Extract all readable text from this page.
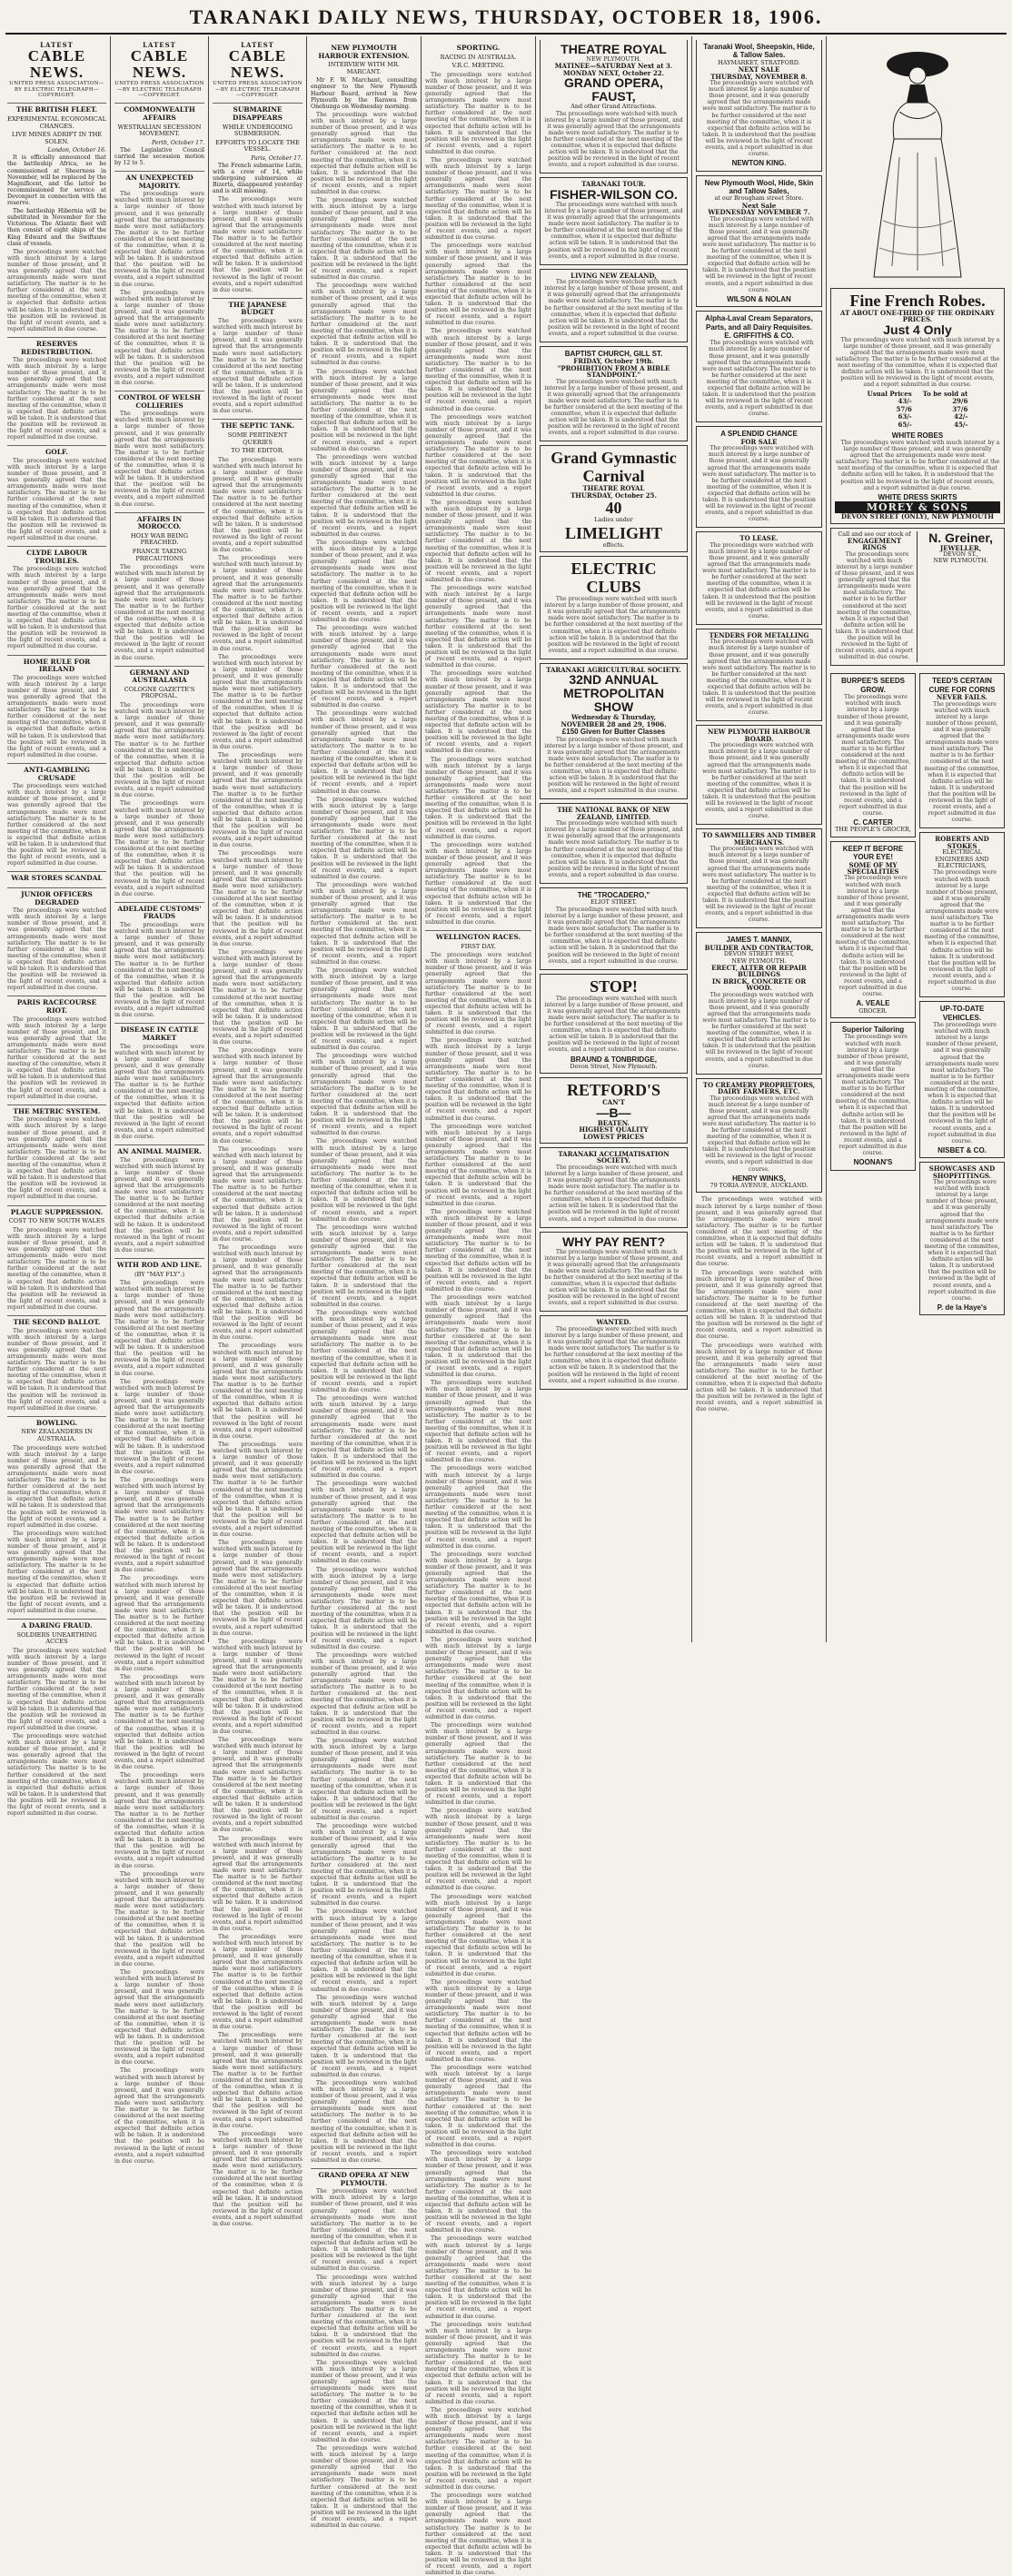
TARANAKI DAILY NEWS, THURSDAY, OCTOBER 18, 1906.
LATEST
CABLE NEWS.
UNITED PRESS ASSOCIATION—BY ELECTRIC TELEGRAPH—COPYRIGHT.
THE BRITISH FLEET.
EXPERIMENTAL ECONOMICAL CHANGES.
LIVE MINES ADRIFT IN THE SOLEN.
London, October 16.

It is officially announced that the battleship Africa, so be commissioned at Sheerness in November, will be replaced by the Magnificent, and the latter be recommissioned for service at Devonport in connection with the reserve.

The battleship Hibernia will be substituted in November for the Victorious. The Atlantic fleet will then consist of eight ships of the King Edward and the Swiftsure class of vessels.

The proceedings were watched with much interest by a large number of those present, and it was generally agreed that the arrangements made were most satisfactory. The matter is to be further considered at the next meeting of the committee, when it is expected that definite action will be taken. It is understood that the position will be reviewed in the light of recent events, and a report submitted in due course.

RESERVES REDISTRIBUTION.

The proceedings were watched with much interest by a large number of those present, and it was generally agreed that the arrangements made were most satisfactory. The matter is to be further considered at the next meeting of the committee, when it is expected that definite action will be taken. It is understood that the position will be reviewed in the light of recent events, and a report submitted in due course.

GOLF.

The proceedings were watched with much interest by a large number of those present, and it was generally agreed that the arrangements made were most satisfactory. The matter is to be further considered at the next meeting of the committee, when it is expected that definite action will be taken. It is understood that the position will be reviewed in the light of recent events, and a report submitted in due course.

CLYDE LABOUR TROUBLES.

The proceedings were watched with much interest by a large number of those present, and it was generally agreed that the arrangements made were most satisfactory. The matter is to be further considered at the next meeting of the committee, when it is expected that definite action will be taken. It is understood that the position will be reviewed in the light of recent events, and a report submitted in due course.

HOME RULE FOR IRELAND

The proceedings were watched with much interest by a large number of those present, and it was generally agreed that the arrangements made were most satisfactory. The matter is to be further considered at the next meeting of the committee, when it is expected that definite action will be taken. It is understood that the position will be reviewed in the light of recent events, and a report submitted in due course.

ANTI-GAMBLING CRUSADE

The proceedings were watched with much interest by a large number of those present, and it was generally agreed that the arrangements made were most satisfactory. The matter is to be further considered at the next meeting of the committee, when it is expected that definite action will be taken. It is understood that the position will be reviewed in the light of recent events, and a report submitted in due course.

WAR STORES SCANDAL
JUNIOR OFFICERS DEGRADED

The proceedings were watched with much interest by a large number of those present, and it was generally agreed that the arrangements made were most satisfactory. The matter is to be further considered at the next meeting of the committee, when it is expected that definite action will be taken. It is understood that the position will be reviewed in the light of recent events, and a report submitted in due course.

PARIS RACECOURSE RIOT.

The proceedings were watched with much interest by a large number of those present, and it was generally agreed that the arrangements made were most satisfactory. The matter is to be further considered at the next meeting of the committee, when it is expected that definite action will be taken. It is understood that the position will be reviewed in the light of recent events, and a report submitted in due course.

THE METRIC SYSTEM.

The proceedings were watched with much interest by a large number of those present, and it was generally agreed that the arrangements made were most satisfactory. The matter is to be further considered at the next meeting of the committee, when it is expected that definite action will be taken. It is understood that the position will be reviewed in the light of recent events, and a report submitted in due course.

PLAGUE SUPPRESSION.
COST TO NEW SOUTH WALES

The proceedings were watched with much interest by a large number of those present, and it was generally agreed that the arrangements made were most satisfactory. The matter is to be further considered at the next meeting of the committee, when it is expected that definite action will be taken. It is understood that the position will be reviewed in the light of recent events, and a report submitted in due course.

THE SECOND BALLOT.

The proceedings were watched with much interest by a large number of those present, and it was generally agreed that the arrangements made were most satisfactory. The matter is to be further considered at the next meeting of the committee, when it is expected that definite action will be taken. It is understood that the position will be reviewed in the light of recent events, and a report submitted in due course.

BOWLING.
NEW ZEALANDERS IN AUSTRALIA.

The proceedings were watched with much interest by a large number of those present, and it was generally agreed that the arrangements made were most satisfactory. The matter is to be further considered at the next meeting of the committee, when it is expected that definite action will be taken. It is understood that the position will be reviewed in the light of recent events, and a report submitted in due course.

The proceedings were watched with much interest by a large number of those present, and it was generally agreed that the arrangements made were most satisfactory. The matter is to be further considered at the next meeting of the committee, when it is expected that definite action will be taken. It is understood that the position will be reviewed in the light of recent events, and a report submitted in due course.

A DARING FRAUD.
SOLDIERS UNEARTHING ACCES

The proceedings were watched with much interest by a large number of those present, and it was generally agreed that the arrangements made were most satisfactory. The matter is to be further considered at the next meeting of the committee, when it is expected that definite action will be taken. It is understood that the position will be reviewed in the light of recent events, and a report submitted in due course.

The proceedings were watched with much interest by a large number of those present, and it was generally agreed that the arrangements made were most satisfactory. The matter is to be further considered at the next meeting of the committee, when it is expected that definite action will be taken. It is understood that the position will be reviewed in the light of recent events, and a report submitted in due course.

LATEST
CABLE NEWS.
UNITED PRESS ASSOCIATION—BY ELECTRIC TELEGRAPH—COPYRIGHT.
COMMONWEALTH AFFAIRS
WESTRALIAN SECESSION MOVEMENT.
Perth, October 17.

The Legislative Council carried the secession motion by 12 to 5.

AN UNEXPECTED MAJORITY.

The proceedings were watched with much interest by a large number of those present, and it was generally agreed that the arrangements made were most satisfactory. The matter is to be further considered at the next meeting of the committee, when it is expected that definite action will be taken. It is understood that the position will be reviewed in the light of recent events, and a report submitted in due course.

The proceedings were watched with much interest by a large number of those present, and it was generally agreed that the arrangements made were most satisfactory. The matter is to be further considered at the next meeting of the committee, when it is expected that definite action will be taken. It is understood that the position will be reviewed in the light of recent events, and a report submitted in due course.

CONTROL OF WELSH COLLIERIES

The proceedings were watched with much interest by a large number of those present, and it was generally agreed that the arrangements made were most satisfactory. The matter is to be further considered at the next meeting of the committee, when it is expected that definite action will be taken. It is understood that the position will be reviewed in the light of recent events, and a report submitted in due course.

AFFAIRS IN MOROCCO.
HOLY WAR BEING PREACHED.
FRANCE TAKING PRECAUTIONS

The proceedings were watched with much interest by a large number of those present, and it was generally agreed that the arrangements made were most satisfactory. The matter is to be further considered at the next meeting of the committee, when it is expected that definite action will be taken. It is understood that the position will be reviewed in the light of recent events, and a report submitted in due course.

GERMANY AND AUSTRALASIA
COLOGNE GAZETTE'S PROPOSAL.

The proceedings were watched with much interest by a large number of those present, and it was generally agreed that the arrangements made were most satisfactory. The matter is to be further considered at the next meeting of the committee, when it is expected that definite action will be taken. It is understood that the position will be reviewed in the light of recent events, and a report submitted in due course.

The proceedings were watched with much interest by a large number of those present, and it was generally agreed that the arrangements made were most satisfactory. The matter is to be further considered at the next meeting of the committee, when it is expected that definite action will be taken. It is understood that the position will be reviewed in the light of recent events, and a report submitted in due course.

ADELAIDE CUSTOMS' FRAUDS

The proceedings were watched with much interest by a large number of those present, and it was generally agreed that the arrangements made were most satisfactory. The matter is to be further considered at the next meeting of the committee, when it is expected that definite action will be taken. It is understood that the position will be reviewed in the light of recent events, and a report submitted in due course.

DISEASE IN CATTLE MARKET

The proceedings were watched with much interest by a large number of those present, and it was generally agreed that the arrangements made were most satisfactory. The matter is to be further considered at the next meeting of the committee, when it is expected that definite action will be taken. It is understood that the position will be reviewed in the light of recent events, and a report submitted in due course.

AN ANIMAL MAIMER.

The proceedings were watched with much interest by a large number of those present, and it was generally agreed that the arrangements made were most satisfactory. The matter is to be further considered at the next meeting of the committee, when it is expected that definite action will be taken. It is understood that the position will be reviewed in the light of recent events, and a report submitted in due course.

WITH ROD AND LINE.
(BY "MAY FLY".)

The proceedings were watched with much interest by a large number of those present, and it was generally agreed that the arrangements made were most satisfactory. The matter is to be further considered at the next meeting of the committee, when it is expected that definite action will be taken. It is understood that the position will be reviewed in the light of recent events, and a report submitted in due course.

The proceedings were watched with much interest by a large number of those present, and it was generally agreed that the arrangements made were most satisfactory. The matter is to be further considered at the next meeting of the committee, when it is expected that definite action will be taken. It is understood that the position will be reviewed in the light of recent events, and a report submitted in due course.

The proceedings were watched with much interest by a large number of those present, and it was generally agreed that the arrangements made were most satisfactory. The matter is to be further considered at the next meeting of the committee, when it is expected that definite action will be taken. It is understood that the position will be reviewed in the light of recent events, and a report submitted in due course.

The proceedings were watched with much interest by a large number of those present, and it was generally agreed that the arrangements made were most satisfactory. The matter is to be further considered at the next meeting of the committee, when it is expected that definite action will be taken. It is understood that the position will be reviewed in the light of recent events, and a report submitted in due course.

The proceedings were watched with much interest by a large number of those present, and it was generally agreed that the arrangements made were most satisfactory. The matter is to be further considered at the next meeting of the committee, when it is expected that definite action will be taken. It is understood that the position will be reviewed in the light of recent events, and a report submitted in due course.

The proceedings were watched with much interest by a large number of those present, and it was generally agreed that the arrangements made were most satisfactory. The matter is to be further considered at the next meeting of the committee, when it is expected that definite action will be taken. It is understood that the position will be reviewed in the light of recent events, and a report submitted in due course.

The proceedings were watched with much interest by a large number of those present, and it was generally agreed that the arrangements made were most satisfactory. The matter is to be further considered at the next meeting of the committee, when it is expected that definite action will be taken. It is understood that the position will be reviewed in the light of recent events, and a report submitted in due course.

The proceedings were watched with much interest by a large number of those present, and it was generally agreed that the arrangements made were most satisfactory. The matter is to be further considered at the next meeting of the committee, when it is expected that definite action will be taken. It is understood that the position will be reviewed in the light of recent events, and a report submitted in due course.

The proceedings were watched with much interest by a large number of those present, and it was generally agreed that the arrangements made were most satisfactory. The matter is to be further considered at the next meeting of the committee, when it is expected that definite action will be taken. It is understood that the position will be reviewed in the light of recent events, and a report submitted in due course.

LATEST
CABLE NEWS.
UNITED PRESS ASSOCIATION—BY ELECTRIC TELEGRAPH—COPYRIGHT.
SUBMARINE DISAPPEARS
WHILE UNDERGOING SUBMERSION.
EFFORTS TO LOCATE THE VESSEL.
Paris, October 17.

The French submarine Lutin, with a crew of 14, while undergoing submersion at Bizerta, disappeared yesterday and is still missing.

The proceedings were watched with much interest by a large number of those present, and it was generally agreed that the arrangements made were most satisfactory. The matter is to be further considered at the next meeting of the committee, when it is expected that definite action will be taken. It is understood that the position will be reviewed in the light of recent events, and a report submitted in due course.

THE JAPANESE BUDGET

The proceedings were watched with much interest by a large number of those present, and it was generally agreed that the arrangements made were most satisfactory. The matter is to be further considered at the next meeting of the committee, when it is expected that definite action will be taken. It is understood that the position will be reviewed in the light of recent events, and a report submitted in due course.

THE SEPTIC TANK.
SOME PERTINENT QUERIES
TO THE EDITOR.

The proceedings were watched with much interest by a large number of those present, and it was generally agreed that the arrangements made were most satisfactory. The matter is to be further considered at the next meeting of the committee, when it is expected that definite action will be taken. It is understood that the position will be reviewed in the light of recent events, and a report submitted in due course.

The proceedings were watched with much interest by a large number of those present, and it was generally agreed that the arrangements made were most satisfactory. The matter is to be further considered at the next meeting of the committee, when it is expected that definite action will be taken. It is understood that the position will be reviewed in the light of recent events, and a report submitted in due course.

The proceedings were watched with much interest by a large number of those present, and it was generally agreed that the arrangements made were most satisfactory. The matter is to be further considered at the next meeting of the committee, when it is expected that definite action will be taken. It is understood that the position will be reviewed in the light of recent events, and a report submitted in due course.

The proceedings were watched with much interest by a large number of those present, and it was generally agreed that the arrangements made were most satisfactory. The matter is to be further considered at the next meeting of the committee, when it is expected that definite action will be taken. It is understood that the position will be reviewed in the light of recent events, and a report submitted in due course.

The proceedings were watched with much interest by a large number of those present, and it was generally agreed that the arrangements made were most satisfactory. The matter is to be further considered at the next meeting of the committee, when it is expected that definite action will be taken. It is understood that the position will be reviewed in the light of recent events, and a report submitted in due course.

The proceedings were watched with much interest by a large number of those present, and it was generally agreed that the arrangements made were most satisfactory. The matter is to be further considered at the next meeting of the committee, when it is expected that definite action will be taken. It is understood that the position will be reviewed in the light of recent events, and a report submitted in due course.

The proceedings were watched with much interest by a large number of those present, and it was generally agreed that the arrangements made were most satisfactory. The matter is to be further considered at the next meeting of the committee, when it is expected that definite action will be taken. It is understood that the position will be reviewed in the light of recent events, and a report submitted in due course.

The proceedings were watched with much interest by a large number of those present, and it was generally agreed that the arrangements made were most satisfactory. The matter is to be further considered at the next meeting of the committee, when it is expected that definite action will be taken. It is understood that the position will be reviewed in the light of recent events, and a report submitted in due course.

The proceedings were watched with much interest by a large number of those present, and it was generally agreed that the arrangements made were most satisfactory. The matter is to be further considered at the next meeting of the committee, when it is expected that definite action will be taken. It is understood that the position will be reviewed in the light of recent events, and a report submitted in due course.

The proceedings were watched with much interest by a large number of those present, and it was generally agreed that the arrangements made were most satisfactory. The matter is to be further considered at the next meeting of the committee, when it is expected that definite action will be taken. It is understood that the position will be reviewed in the light of recent events, and a report submitted in due course.

The proceedings were watched with much interest by a large number of those present, and it was generally agreed that the arrangements made were most satisfactory. The matter is to be further considered at the next meeting of the committee, when it is expected that definite action will be taken. It is understood that the position will be reviewed in the light of recent events, and a report submitted in due course.

The proceedings were watched with much interest by a large number of those present, and it was generally agreed that the arrangements made were most satisfactory. The matter is to be further considered at the next meeting of the committee, when it is expected that definite action will be taken. It is understood that the position will be reviewed in the light of recent events, and a report submitted in due course.

The proceedings were watched with much interest by a large number of those present, and it was generally agreed that the arrangements made were most satisfactory. The matter is to be further considered at the next meeting of the committee, when it is expected that definite action will be taken. It is understood that the position will be reviewed in the light of recent events, and a report submitted in due course.

The proceedings were watched with much interest by a large number of those present, and it was generally agreed that the arrangements made were most satisfactory. The matter is to be further considered at the next meeting of the committee, when it is expected that definite action will be taken. It is understood that the position will be reviewed in the light of recent events, and a report submitted in due course.

The proceedings were watched with much interest by a large number of those present, and it was generally agreed that the arrangements made were most satisfactory. The matter is to be further considered at the next meeting of the committee, when it is expected that definite action will be taken. It is understood that the position will be reviewed in the light of recent events, and a report submitted in due course.

The proceedings were watched with much interest by a large number of those present, and it was generally agreed that the arrangements made were most satisfactory. The matter is to be further considered at the next meeting of the committee, when it is expected that definite action will be taken. It is understood that the position will be reviewed in the light of recent events, and a report submitted in due course.

The proceedings were watched with much interest by a large number of those present, and it was generally agreed that the arrangements made were most satisfactory. The matter is to be further considered at the next meeting of the committee, when it is expected that definite action will be taken. It is understood that the position will be reviewed in the light of recent events, and a report submitted in due course.

The proceedings were watched with much interest by a large number of those present, and it was generally agreed that the arrangements made were most satisfactory. The matter is to be further considered at the next meeting of the committee, when it is expected that definite action will be taken. It is understood that the position will be reviewed in the light of recent events, and a report submitted in due course.

NEW PLYMOUTH HARBOUR EXTENSION.
INTERVIEW WITH MR. MARCANT.

Mr F. W. Marchant, consulting engineer to the New Plymouth Harbour Board, arrived in New Plymouth by the Rarawa from Onehunga on Wednesday morning.

The proceedings were watched with much interest by a large number of those present, and it was generally agreed that the arrangements made were most satisfactory. The matter is to be further considered at the next meeting of the committee, when it is expected that definite action will be taken. It is understood that the position will be reviewed in the light of recent events, and a report submitted in due course.

The proceedings were watched with much interest by a large number of those present, and it was generally agreed that the arrangements made were most satisfactory. The matter is to be further considered at the next meeting of the committee, when it is expected that definite action will be taken. It is understood that the position will be reviewed in the light of recent events, and a report submitted in due course.

The proceedings were watched with much interest by a large number of those present, and it was generally agreed that the arrangements made were most satisfactory. The matter is to be further considered at the next meeting of the committee, when it is expected that definite action will be taken. It is understood that the position will be reviewed in the light of recent events, and a report submitted in due course.

The proceedings were watched with much interest by a large number of those present, and it was generally agreed that the arrangements made were most satisfactory. The matter is to be further considered at the next meeting of the committee, when it is expected that definite action will be taken. It is understood that the position will be reviewed in the light of recent events, and a report submitted in due course.

The proceedings were watched with much interest by a large number of those present, and it was generally agreed that the arrangements made were most satisfactory. The matter is to be further considered at the next meeting of the committee, when it is expected that definite action will be taken. It is understood that the position will be reviewed in the light of recent events, and a report submitted in due course.

The proceedings were watched with much interest by a large number of those present, and it was generally agreed that the arrangements made were most satisfactory. The matter is to be further considered at the next meeting of the committee, when it is expected that definite action will be taken. It is understood that the position will be reviewed in the light of recent events, and a report submitted in due course.

The proceedings were watched with much interest by a large number of those present, and it was generally agreed that the arrangements made were most satisfactory. The matter is to be further considered at the next meeting of the committee, when it is expected that definite action will be taken. It is understood that the position will be reviewed in the light of recent events, and a report submitted in due course.

The proceedings were watched with much interest by a large number of those present, and it was generally agreed that the arrangements made were most satisfactory. The matter is to be further considered at the next meeting of the committee, when it is expected that definite action will be taken. It is understood that the position will be reviewed in the light of recent events, and a report submitted in due course.

The proceedings were watched with much interest by a large number of those present, and it was generally agreed that the arrangements made were most satisfactory. The matter is to be further considered at the next meeting of the committee, when it is expected that definite action will be taken. It is understood that the position will be reviewed in the light of recent events, and a report submitted in due course.

The proceedings were watched with much interest by a large number of those present, and it was generally agreed that the arrangements made were most satisfactory. The matter is to be further considered at the next meeting of the committee, when it is expected that definite action will be taken. It is understood that the position will be reviewed in the light of recent events, and a report submitted in due course.

The proceedings were watched with much interest by a large number of those present, and it was generally agreed that the arrangements made were most satisfactory. The matter is to be further considered at the next meeting of the committee, when it is expected that definite action will be taken. It is understood that the position will be reviewed in the light of recent events, and a report submitted in due course.

The proceedings were watched with much interest by a large number of those present, and it was generally agreed that the arrangements made were most satisfactory. The matter is to be further considered at the next meeting of the committee, when it is expected that definite action will be taken. It is understood that the position will be reviewed in the light of recent events, and a report submitted in due course.

The proceedings were watched with much interest by a large number of those present, and it was generally agreed that the arrangements made were most satisfactory. The matter is to be further considered at the next meeting of the committee, when it is expected that definite action will be taken. It is understood that the position will be reviewed in the light of recent events, and a report submitted in due course.

The proceedings were watched with much interest by a large number of those present, and it was generally agreed that the arrangements made were most satisfactory. The matter is to be further considered at the next meeting of the committee, when it is expected that definite action will be taken. It is understood that the position will be reviewed in the light of recent events, and a report submitted in due course.

The proceedings were watched with much interest by a large number of those present, and it was generally agreed that the arrangements made were most satisfactory. The matter is to be further considered at the next meeting of the committee, when it is expected that definite action will be taken. It is understood that the position will be reviewed in the light of recent events, and a report submitted in due course.

The proceedings were watched with much interest by a large number of those present, and it was generally agreed that the arrangements made were most satisfactory. The matter is to be further considered at the next meeting of the committee, when it is expected that definite action will be taken. It is understood that the position will be reviewed in the light of recent events, and a report submitted in due course.

The proceedings were watched with much interest by a large number of those present, and it was generally agreed that the arrangements made were most satisfactory. The matter is to be further considered at the next meeting of the committee, when it is expected that definite action will be taken. It is understood that the position will be reviewed in the light of recent events, and a report submitted in due course.

The proceedings were watched with much interest by a large number of those present, and it was generally agreed that the arrangements made were most satisfactory. The matter is to be further considered at the next meeting of the committee, when it is expected that definite action will be taken. It is understood that the position will be reviewed in the light of recent events, and a report submitted in due course.

The proceedings were watched with much interest by a large number of those present, and it was generally agreed that the arrangements made were most satisfactory. The matter is to be further considered at the next meeting of the committee, when it is expected that definite action will be taken. It is understood that the position will be reviewed in the light of recent events, and a report submitted in due course.

The proceedings were watched with much interest by a large number of those present, and it was generally agreed that the arrangements made were most satisfactory. The matter is to be further considered at the next meeting of the committee, when it is expected that definite action will be taken. It is understood that the position will be reviewed in the light of recent events, and a report submitted in due course.

The proceedings were watched with much interest by a large number of those present, and it was generally agreed that the arrangements made were most satisfactory. The matter is to be further considered at the next meeting of the committee, when it is expected that definite action will be taken. It is understood that the position will be reviewed in the light of recent events, and a report submitted in due course.

The proceedings were watched with much interest by a large number of those present, and it was generally agreed that the arrangements made were most satisfactory. The matter is to be further considered at the next meeting of the committee, when it is expected that definite action will be taken. It is understood that the position will be reviewed in the light of recent events, and a report submitted in due course.

The proceedings were watched with much interest by a large number of those present, and it was generally agreed that the arrangements made were most satisfactory. The matter is to be further considered at the next meeting of the committee, when it is expected that definite action will be taken. It is understood that the position will be reviewed in the light of recent events, and a report submitted in due course.

The proceedings were watched with much interest by a large number of those present, and it was generally agreed that the arrangements made were most satisfactory. The matter is to be further considered at the next meeting of the committee, when it is expected that definite action will be taken. It is understood that the position will be reviewed in the light of recent events, and a report submitted in due course.

GRAND OPERA AT NEW PLYMOUTH.

The proceedings were watched with much interest by a large number of those present, and it was generally agreed that the arrangements made were most satisfactory. The matter is to be further considered at the next meeting of the committee, when it is expected that definite action will be taken. It is understood that the position will be reviewed in the light of recent events, and a report submitted in due course.

The proceedings were watched with much interest by a large number of those present, and it was generally agreed that the arrangements made were most satisfactory. The matter is to be further considered at the next meeting of the committee, when it is expected that definite action will be taken. It is understood that the position will be reviewed in the light of recent events, and a report submitted in due course.

The proceedings were watched with much interest by a large number of those present, and it was generally agreed that the arrangements made were most satisfactory. The matter is to be further considered at the next meeting of the committee, when it is expected that definite action will be taken. It is understood that the position will be reviewed in the light of recent events, and a report submitted in due course.

The proceedings were watched with much interest by a large number of those present, and it was generally agreed that the arrangements made were most satisfactory. The matter is to be further considered at the next meeting of the committee, when it is expected that definite action will be taken. It is understood that the position will be reviewed in the light of recent events, and a report submitted in due course.

SPORTING.
RACING IN AUSTRALIA.
V.R.C. MEETING.

The proceedings were watched with much interest by a large number of those present, and it was generally agreed that the arrangements made were most satisfactory. The matter is to be further considered at the next meeting of the committee, when it is expected that definite action will be taken. It is understood that the position will be reviewed in the light of recent events, and a report submitted in due course.

The proceedings were watched with much interest by a large number of those present, and it was generally agreed that the arrangements made were most satisfactory. The matter is to be further considered at the next meeting of the committee, when it is expected that definite action will be taken. It is understood that the position will be reviewed in the light of recent events, and a report submitted in due course.

The proceedings were watched with much interest by a large number of those present, and it was generally agreed that the arrangements made were most satisfactory. The matter is to be further considered at the next meeting of the committee, when it is expected that definite action will be taken. It is understood that the position will be reviewed in the light of recent events, and a report submitted in due course.

The proceedings were watched with much interest by a large number of those present, and it was generally agreed that the arrangements made were most satisfactory. The matter is to be further considered at the next meeting of the committee, when it is expected that definite action will be taken. It is understood that the position will be reviewed in the light of recent events, and a report submitted in due course.

The proceedings were watched with much interest by a large number of those present, and it was generally agreed that the arrangements made were most satisfactory. The matter is to be further considered at the next meeting of the committee, when it is expected that definite action will be taken. It is understood that the position will be reviewed in the light of recent events, and a report submitted in due course.

The proceedings were watched with much interest by a large number of those present, and it was generally agreed that the arrangements made were most satisfactory. The matter is to be further considered at the next meeting of the committee, when it is expected that definite action will be taken. It is understood that the position will be reviewed in the light of recent events, and a report submitted in due course.

The proceedings were watched with much interest by a large number of those present, and it was generally agreed that the arrangements made were most satisfactory. The matter is to be further considered at the next meeting of the committee, when it is expected that definite action will be taken. It is understood that the position will be reviewed in the light of recent events, and a report submitted in due course.

The proceedings were watched with much interest by a large number of those present, and it was generally agreed that the arrangements made were most satisfactory. The matter is to be further considered at the next meeting of the committee, when it is expected that definite action will be taken. It is understood that the position will be reviewed in the light of recent events, and a report submitted in due course.

The proceedings were watched with much interest by a large number of those present, and it was generally agreed that the arrangements made were most satisfactory. The matter is to be further considered at the next meeting of the committee, when it is expected that definite action will be taken. It is understood that the position will be reviewed in the light of recent events, and a report submitted in due course.

The proceedings were watched with much interest by a large number of those present, and it was generally agreed that the arrangements made were most satisfactory. The matter is to be further considered at the next meeting of the committee, when it is expected that definite action will be taken. It is understood that the position will be reviewed in the light of recent events, and a report submitted in due course.

WELLINGTON RACES.
FIRST DAY.

The proceedings were watched with much interest by a large number of those present, and it was generally agreed that the arrangements made were most satisfactory. The matter is to be further considered at the next meeting of the committee, when it is expected that definite action will be taken. It is understood that the position will be reviewed in the light of recent events, and a report submitted in due course.

The proceedings were watched with much interest by a large number of those present, and it was generally agreed that the arrangements made were most satisfactory. The matter is to be further considered at the next meeting of the committee, when it is expected that definite action will be taken. It is understood that the position will be reviewed in the light of recent events, and a report submitted in due course.

The proceedings were watched with much interest by a large number of those present, and it was generally agreed that the arrangements made were most satisfactory. The matter is to be further considered at the next meeting of the committee, when it is expected that definite action will be taken. It is understood that the position will be reviewed in the light of recent events, and a report submitted in due course.

The proceedings were watched with much interest by a large number of those present, and it was generally agreed that the arrangements made were most satisfactory. The matter is to be further considered at the next meeting of the committee, when it is expected that definite action will be taken. It is understood that the position will be reviewed in the light of recent events, and a report submitted in due course.

The proceedings were watched with much interest by a large number of those present, and it was generally agreed that the arrangements made were most satisfactory. The matter is to be further considered at the next meeting of the committee, when it is expected that definite action will be taken. It is understood that the position will be reviewed in the light of recent events, and a report submitted in due course.

The proceedings were watched with much interest by a large number of those present, and it was generally agreed that the arrangements made were most satisfactory. The matter is to be further considered at the next meeting of the committee, when it is expected that definite action will be taken. It is understood that the position will be reviewed in the light of recent events, and a report submitted in due course.

The proceedings were watched with much interest by a large number of those present, and it was generally agreed that the arrangements made were most satisfactory. The matter is to be further considered at the next meeting of the committee, when it is expected that definite action will be taken. It is understood that the position will be reviewed in the light of recent events, and a report submitted in due course.

The proceedings were watched with much interest by a large number of those present, and it was generally agreed that the arrangements made were most satisfactory. The matter is to be further considered at the next meeting of the committee, when it is expected that definite action will be taken. It is understood that the position will be reviewed in the light of recent events, and a report submitted in due course.

The proceedings were watched with much interest by a large number of those present, and it was generally agreed that the arrangements made were most satisfactory. The matter is to be further considered at the next meeting of the committee, when it is expected that definite action will be taken. It is understood that the position will be reviewed in the light of recent events, and a report submitted in due course.

The proceedings were watched with much interest by a large number of those present, and it was generally agreed that the arrangements made were most satisfactory. The matter is to be further considered at the next meeting of the committee, when it is expected that definite action will be taken. It is understood that the position will be reviewed in the light of recent events, and a report submitted in due course.

The proceedings were watched with much interest by a large number of those present, and it was generally agreed that the arrangements made were most satisfactory. The matter is to be further considered at the next meeting of the committee, when it is expected that definite action will be taken. It is understood that the position will be reviewed in the light of recent events, and a report submitted in due course.

The proceedings were watched with much interest by a large number of those present, and it was generally agreed that the arrangements made were most satisfactory. The matter is to be further considered at the next meeting of the committee, when it is expected that definite action will be taken. It is understood that the position will be reviewed in the light of recent events, and a report submitted in due course.

The proceedings were watched with much interest by a large number of those present, and it was generally agreed that the arrangements made were most satisfactory. The matter is to be further considered at the next meeting of the committee, when it is expected that definite action will be taken. It is understood that the position will be reviewed in the light of recent events, and a report submitted in due course.

The proceedings were watched with much interest by a large number of those present, and it was generally agreed that the arrangements made were most satisfactory. The matter is to be further considered at the next meeting of the committee, when it is expected that definite action will be taken. It is understood that the position will be reviewed in the light of recent events, and a report submitted in due course.

The proceedings were watched with much interest by a large number of those present, and it was generally agreed that the arrangements made were most satisfactory. The matter is to be further considered at the next meeting of the committee, when it is expected that definite action will be taken. It is understood that the position will be reviewed in the light of recent events, and a report submitted in due course.

The proceedings were watched with much interest by a large number of those present, and it was generally agreed that the arrangements made were most satisfactory. The matter is to be further considered at the next meeting of the committee, when it is expected that definite action will be taken. It is understood that the position will be reviewed in the light of recent events, and a report submitted in due course.

The proceedings were watched with much interest by a large number of those present, and it was generally agreed that the arrangements made were most satisfactory. The matter is to be further considered at the next meeting of the committee, when it is expected that definite action will be taken. It is understood that the position will be reviewed in the light of recent events, and a report submitted in due course.

The proceedings were watched with much interest by a large number of those present, and it was generally agreed that the arrangements made were most satisfactory. The matter is to be further considered at the next meeting of the committee, when it is expected that definite action will be taken. It is understood that the position will be reviewed in the light of recent events, and a report submitted in due course.

The proceedings were watched with much interest by a large number of those present, and it was generally agreed that the arrangements made were most satisfactory. The matter is to be further considered at the next meeting of the committee, when it is expected that definite action will be taken. It is understood that the position will be reviewed in the light of recent events, and a report submitted in due course.

THEATRE ROYAL
NEW PLYMOUTH.
MATINEE—SATURDAY Next at 3.
MONDAY NEXT, October 22.
GRAND OPERA, FAUST,
And other Grand Attractions.

The proceedings were watched with much interest by a large number of those present, and it was generally agreed that the arrangements made were most satisfactory. The matter is to be further considered at the next meeting of the committee, when it is expected that definite action will be taken. It is understood that the position will be reviewed in the light of recent events, and a report submitted in due course.

TARANAKI TOUR.
FISHER-WILSON CO.

The proceedings were watched with much interest by a large number of those present, and it was generally agreed that the arrangements made were most satisfactory. The matter is to be further considered at the next meeting of the committee, when it is expected that definite action will be taken. It is understood that the position will be reviewed in the light of recent events, and a report submitted in due course.

LIVING NEW ZEALAND,

The proceedings were watched with much interest by a large number of those present, and it was generally agreed that the arrangements made were most satisfactory. The matter is to be further considered at the next meeting of the committee, when it is expected that definite action will be taken. It is understood that the position will be reviewed in the light of recent events, and a report submitted in due course.

BAPTIST CHURCH, GILL ST.
FRIDAY, October 19th.
"PROHIBITION FROM A BIBLE STANDPOINT."

The proceedings were watched with much interest by a large number of those present, and it was generally agreed that the arrangements made were most satisfactory. The matter is to be further considered at the next meeting of the committee, when it is expected that definite action will be taken. It is understood that the position will be reviewed in the light of recent events, and a report submitted in due course.

Grand Gymnastic Carnival
THEATRE ROYAL
THURSDAY, October 25.
40
Ladies under
LIMELIGHT
effects.
ELECTRIC CLUBS

The proceedings were watched with much interest by a large number of those present, and it was generally agreed that the arrangements made were most satisfactory. The matter is to be further considered at the next meeting of the committee, when it is expected that definite action will be taken. It is understood that the position will be reviewed in the light of recent events, and a report submitted in due course.

TARANAKI AGRICULTURAL SOCIETY.
32ND ANNUAL METROPOLITAN SHOW
Wednesday & Thursday,
NOVEMBER 28 and 29, 1906.
£150 Given for Butter Classes

The proceedings were watched with much interest by a large number of those present, and it was generally agreed that the arrangements made were most satisfactory. The matter is to be further considered at the next meeting of the committee, when it is expected that definite action will be taken. It is understood that the position will be reviewed in the light of recent events, and a report submitted in due course.

THE NATIONAL BANK OF NEW ZEALAND, LIMITED.

The proceedings were watched with much interest by a large number of those present, and it was generally agreed that the arrangements made were most satisfactory. The matter is to be further considered at the next meeting of the committee, when it is expected that definite action will be taken. It is understood that the position will be reviewed in the light of recent events, and a report submitted in due course.

THE "TROCADERO,"
ELIOT STREET.

The proceedings were watched with much interest by a large number of those present, and it was generally agreed that the arrangements made were most satisfactory. The matter is to be further considered at the next meeting of the committee, when it is expected that definite action will be taken. It is understood that the position will be reviewed in the light of recent events, and a report submitted in due course.

STOP!

The proceedings were watched with much interest by a large number of those present, and it was generally agreed that the arrangements made were most satisfactory. The matter is to be further considered at the next meeting of the committee, when it is expected that definite action will be taken. It is understood that the position will be reviewed in the light of recent events, and a report submitted in due course.

BRAUND & TONBRIDGE,
Devon Street, New Plymouth.
RETFORD'S
CAN'T
—B—
BEATEN.
HIGHEST QUALITY
LOWEST PRICES
TARANAKI ACCLIMATISATION SOCIETY.

The proceedings were watched with much interest by a large number of those present, and it was generally agreed that the arrangements made were most satisfactory. The matter is to be further considered at the next meeting of the committee, when it is expected that definite action will be taken. It is understood that the position will be reviewed in the light of recent events, and a report submitted in due course.

WHY PAY RENT?

The proceedings were watched with much interest by a large number of those present, and it was generally agreed that the arrangements made were most satisfactory. The matter is to be further considered at the next meeting of the committee, when it is expected that definite action will be taken. It is understood that the position will be reviewed in the light of recent events, and a report submitted in due course.

WANTED.

The proceedings were watched with much interest by a large number of those present, and it was generally agreed that the arrangements made were most satisfactory. The matter is to be further considered at the next meeting of the committee, when it is expected that definite action will be taken. It is understood that the position will be reviewed in the light of recent events, and a report submitted in due course.

Taranaki Wool, Sheepskin, Hide, & Tallow Sales.
HAYMARKET, STRATFORD.
NEXT SALE
THURSDAY, NOVEMBER 8.

The proceedings were watched with much interest by a large number of those present, and it was generally agreed that the arrangements made were most satisfactory. The matter is to be further considered at the next meeting of the committee, when it is expected that definite action will be taken. It is understood that the position will be reviewed in the light of recent events, and a report submitted in due course.

NEWTON KING.
New Plymouth Wool, Hide, Skin and Tallow Sales,
at our Brougham street Store.
Next Sale
WEDNESDAY NOVEMBER 7.

The proceedings were watched with much interest by a large number of those present, and it was generally agreed that the arrangements made were most satisfactory. The matter is to be further considered at the next meeting of the committee, when it is expected that definite action will be taken. It is understood that the position will be reviewed in the light of recent events, and a report submitted in due course.

WILSON & NOLAN
Alpha-Laval Cream Separators, Parts, and all Dairy Requisites.
E. GRIFFITHS & CO.

The proceedings were watched with much interest by a large number of those present, and it was generally agreed that the arrangements made were most satisfactory. The matter is to be further considered at the next meeting of the committee, when it is expected that definite action will be taken. It is understood that the position will be reviewed in the light of recent events, and a report submitted in due course.

A SPLENDID CHANCE
FOR SALE

The proceedings were watched with much interest by a large number of those present, and it was generally agreed that the arrangements made were most satisfactory. The matter is to be further considered at the next meeting of the committee, when it is expected that definite action will be taken. It is understood that the position will be reviewed in the light of recent events, and a report submitted in due course.

TO LEASE.

The proceedings were watched with much interest by a large number of those present, and it was generally agreed that the arrangements made were most satisfactory. The matter is to be further considered at the next meeting of the committee, when it is expected that definite action will be taken. It is understood that the position will be reviewed in the light of recent events, and a report submitted in due course.

TENDERS FOR METALLING

The proceedings were watched with much interest by a large number of those present, and it was generally agreed that the arrangements made were most satisfactory. The matter is to be further considered at the next meeting of the committee, when it is expected that definite action will be taken. It is understood that the position will be reviewed in the light of recent events, and a report submitted in due course.

NEW PLYMOUTH HARBOUR BOARD.

The proceedings were watched with much interest by a large number of those present, and it was generally agreed that the arrangements made were most satisfactory. The matter is to be further considered at the next meeting of the committee, when it is expected that definite action will be taken. It is understood that the position will be reviewed in the light of recent events, and a report submitted in due course.

TO SAWMILLERS AND TIMBER MERCHANTS.

The proceedings were watched with much interest by a large number of those present, and it was generally agreed that the arrangements made were most satisfactory. The matter is to be further considered at the next meeting of the committee, when it is expected that definite action will be taken. It is understood that the position will be reviewed in the light of recent events, and a report submitted in due course.

JAMES T. MANNIX,
BUILDER AND CONTRACTOR,
DEVON STREET WEST,
NEW PLYMOUTH.
ERECT, ALTER OR REPAIR BUILDINGS
IN BRICK, CONCRETE OR WOOD.

The proceedings were watched with much interest by a large number of those present, and it was generally agreed that the arrangements made were most satisfactory. The matter is to be further considered at the next meeting of the committee, when it is expected that definite action will be taken. It is understood that the position will be reviewed in the light of recent events, and a report submitted in due course.

TO CREAMERY PROPRIETORS, DAIRY FARMERS, ETC.

The proceedings were watched with much interest by a large number of those present, and it was generally agreed that the arrangements made were most satisfactory. The matter is to be further considered at the next meeting of the committee, when it is expected that definite action will be taken. It is understood that the position will be reviewed in the light of recent events, and a report submitted in due course.

HENRY WINKS,
79 TORIA AVENUE, AUCKLAND.

The proceedings were watched with much interest by a large number of those present, and it was generally agreed that the arrangements made were most satisfactory. The matter is to be further considered at the next meeting of the committee, when it is expected that definite action will be taken. It is understood that the position will be reviewed in the light of recent events, and a report submitted in due course.

The proceedings were watched with much interest by a large number of those present, and it was generally agreed that the arrangements made were most satisfactory. The matter is to be further considered at the next meeting of the committee, when it is expected that definite action will be taken. It is understood that the position will be reviewed in the light of recent events, and a report submitted in due course.

The proceedings were watched with much interest by a large number of those present, and it was generally agreed that the arrangements made were most satisfactory. The matter is to be further considered at the next meeting of the committee, when it is expected that definite action will be taken. It is understood that the position will be reviewed in the light of recent events, and a report submitted in due course.

Fine French Robes.
AT ABOUT ONE-THIRD OF THE ORDINARY PRICES.
Just 4 Only

The proceedings were watched with much interest by a large number of those present, and it was generally agreed that the arrangements made were most satisfactory. The matter is to be further considered at the next meeting of the committee, when it is expected that definite action will be taken. It is understood that the position will be reviewed in the light of recent events, and a report submitted in due course.

Usual Prices	To be sold at
43/-	29/6
57/6	37/6
63/-	42/-
65/-	45/-
WHITE ROBES

The proceedings were watched with much interest by a large number of those present, and it was generally agreed that the arrangements made were most satisfactory. The matter is to be further considered at the next meeting of the committee, when it is expected that definite action will be taken. It is understood that the position will be reviewed in the light of recent events, and a report submitted in due course.

WHITE DRESS SKIRTS
MOREY & SONS
DEVON STREET (ONLY), NEW PLYMOUTH
Call and see our stock of
ENGAGEMENT RINGS

The proceedings were watched with much interest by a large number of those present, and it was generally agreed that the arrangements made were most satisfactory. The matter is to be further considered at the next meeting of the committee, when it is expected that definite action will be taken. It is understood that the position will be reviewed in the light of recent events, and a report submitted in due course.

N. Greiner,
JEWELLER,
DEVON ST.,
NEW PLYMOUTH.
BURPEE'S SEEDS GROW.

The proceedings were watched with much interest by a large number of those present, and it was generally agreed that the arrangements made were most satisfactory. The matter is to be further considered at the next meeting of the committee, when it is expected that definite action will be taken. It is understood that the position will be reviewed in the light of recent events, and a report submitted in due course.

C. CARTER
THE PEOPLE'S GROCER,
KEEP IT BEFORE YOUR EYE!
SOME OF MY SPECIALITIES

The proceedings were watched with much interest by a large number of those present, and it was generally agreed that the arrangements made were most satisfactory. The matter is to be further considered at the next meeting of the committee, when it is expected that definite action will be taken. It is understood that the position will be reviewed in the light of recent events, and a report submitted in due course.

A. VEALE
GROCER.
Superior Tailoring

The proceedings were watched with much interest by a large number of those present, and it was generally agreed that the arrangements made were most satisfactory. The matter is to be further considered at the next meeting of the committee, when it is expected that definite action will be taken. It is understood that the position will be reviewed in the light of recent events, and a report submitted in due course.

NOONAN'S
TEED'S CERTAIN CURE FOR CORNS
NEVER FAILS.

The proceedings were watched with much interest by a large number of those present, and it was generally agreed that the arrangements made were most satisfactory. The matter is to be further considered at the next meeting of the committee, when it is expected that definite action will be taken. It is understood that the position will be reviewed in the light of recent events, and a report submitted in due course.

ROBERTS AND STOKES
ELECTRICAL ENGINEERS AND ELECTRICIANS,

The proceedings were watched with much interest by a large number of those present, and it was generally agreed that the arrangements made were most satisfactory. The matter is to be further considered at the next meeting of the committee, when it is expected that definite action will be taken. It is understood that the position will be reviewed in the light of recent events, and a report submitted in due course.

UP-TO-DATE VEHICLES.

The proceedings were watched with much interest by a large number of those present, and it was generally agreed that the arrangements made were most satisfactory. The matter is to be further considered at the next meeting of the committee, when it is expected that definite action will be taken. It is understood that the position will be reviewed in the light of recent events, and a report submitted in due course.

NISBET & CO.
SHOWCASES AND SHOPFITTINGS.

The proceedings were watched with much interest by a large number of those present, and it was generally agreed that the arrangements made were most satisfactory. The matter is to be further considered at the next meeting of the committee, when it is expected that definite action will be taken. It is understood that the position will be reviewed in the light of recent events, and a report submitted in due course.

P. de la Haye's
